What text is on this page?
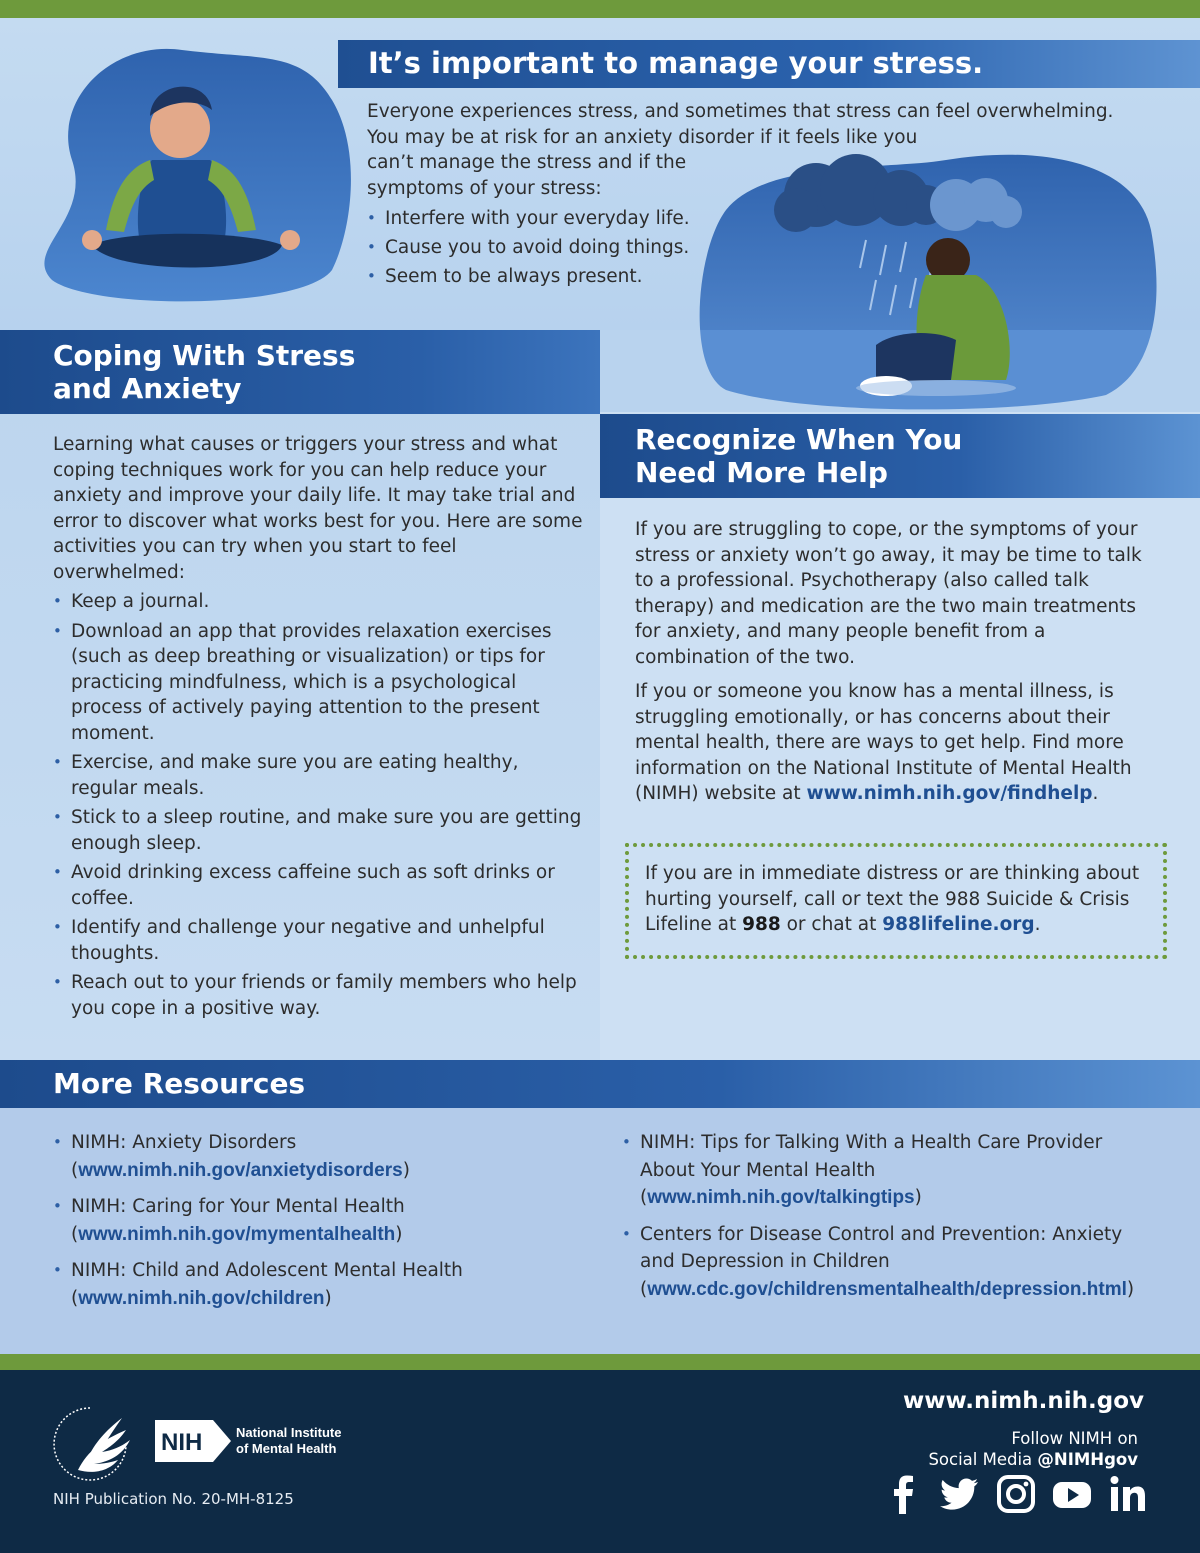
It’s important to manage your stress.
Everyone experiences stress, and sometimes that stress can feel overwhelming.
You may be at risk for an anxiety disorder if it feels like you
can’t manage the stress and if the
symptoms of your stress:
• Interfere with your everyday life.
• Cause you to avoid doing things.
• Seem to be always present.
Coping With Stress
and Anxiety

Learning what causes or triggers your stress and what coping techniques work for you can help reduce your anxiety and improve your daily life. It may take trial and error to discover what works best for you. Here are some activities you can try when you start to feel overwhelmed:

• Keep a journal.
• Download an app that provides relaxation exercises (such as deep breathing or visualization) or tips for practicing mindfulness, which is a psychological process of actively paying attention to the present moment.
• Exercise, and make sure you are eating healthy, regular meals.
• Stick to a sleep routine, and make sure you are getting enough sleep.
• Avoid drinking excess caffeine such as soft drinks or coffee.
• Identify and challenge your negative and unhelpful thoughts.
• Reach out to your friends or family members who help you cope in a positive way.
Recognize When You
Need More Help

If you are struggling to cope, or the symptoms of your stress or anxiety won’t go away, it may be time to talk to a professional. Psychotherapy (also called talk therapy) and medication are the two main treatments for anxiety, and many people benefit from a combination of the two.

If you or someone you know has a mental illness, is struggling emotionally, or has concerns about their mental health, there are ways to get help. Find more information on the National Institute of Mental Health (NIMH) website at www.nimh.nih.gov/findhelp.

If you are in immediate distress or are thinking about hurting yourself, call or text the 988 Suicide & Crisis Lifeline at 988 or chat at 988lifeline.org.
More Resources
• NIMH: Anxiety Disorders
(www.nimh.nih.gov/anxietydisorders)
• NIMH: Caring for Your Mental Health
(www.nimh.nih.gov/mymentalhealth)
• NIMH: Child and Adolescent Mental Health
(www.nimh.nih.gov/children)
• NIMH: Tips for Talking With a Health Care Provider About Your Mental Health
(www.nimh.nih.gov/talkingtips)
• Centers for Disease Control and Prevention: Anxiety and Depression in Children
(www.cdc.gov/childrensmentalhealth/depression.html)
NIH	National Institute
of Mental Health
NIH Publication No. 20-MH-8125
www.nimh.nih.gov
Follow NIMH on
Social Media @NIMHgov
